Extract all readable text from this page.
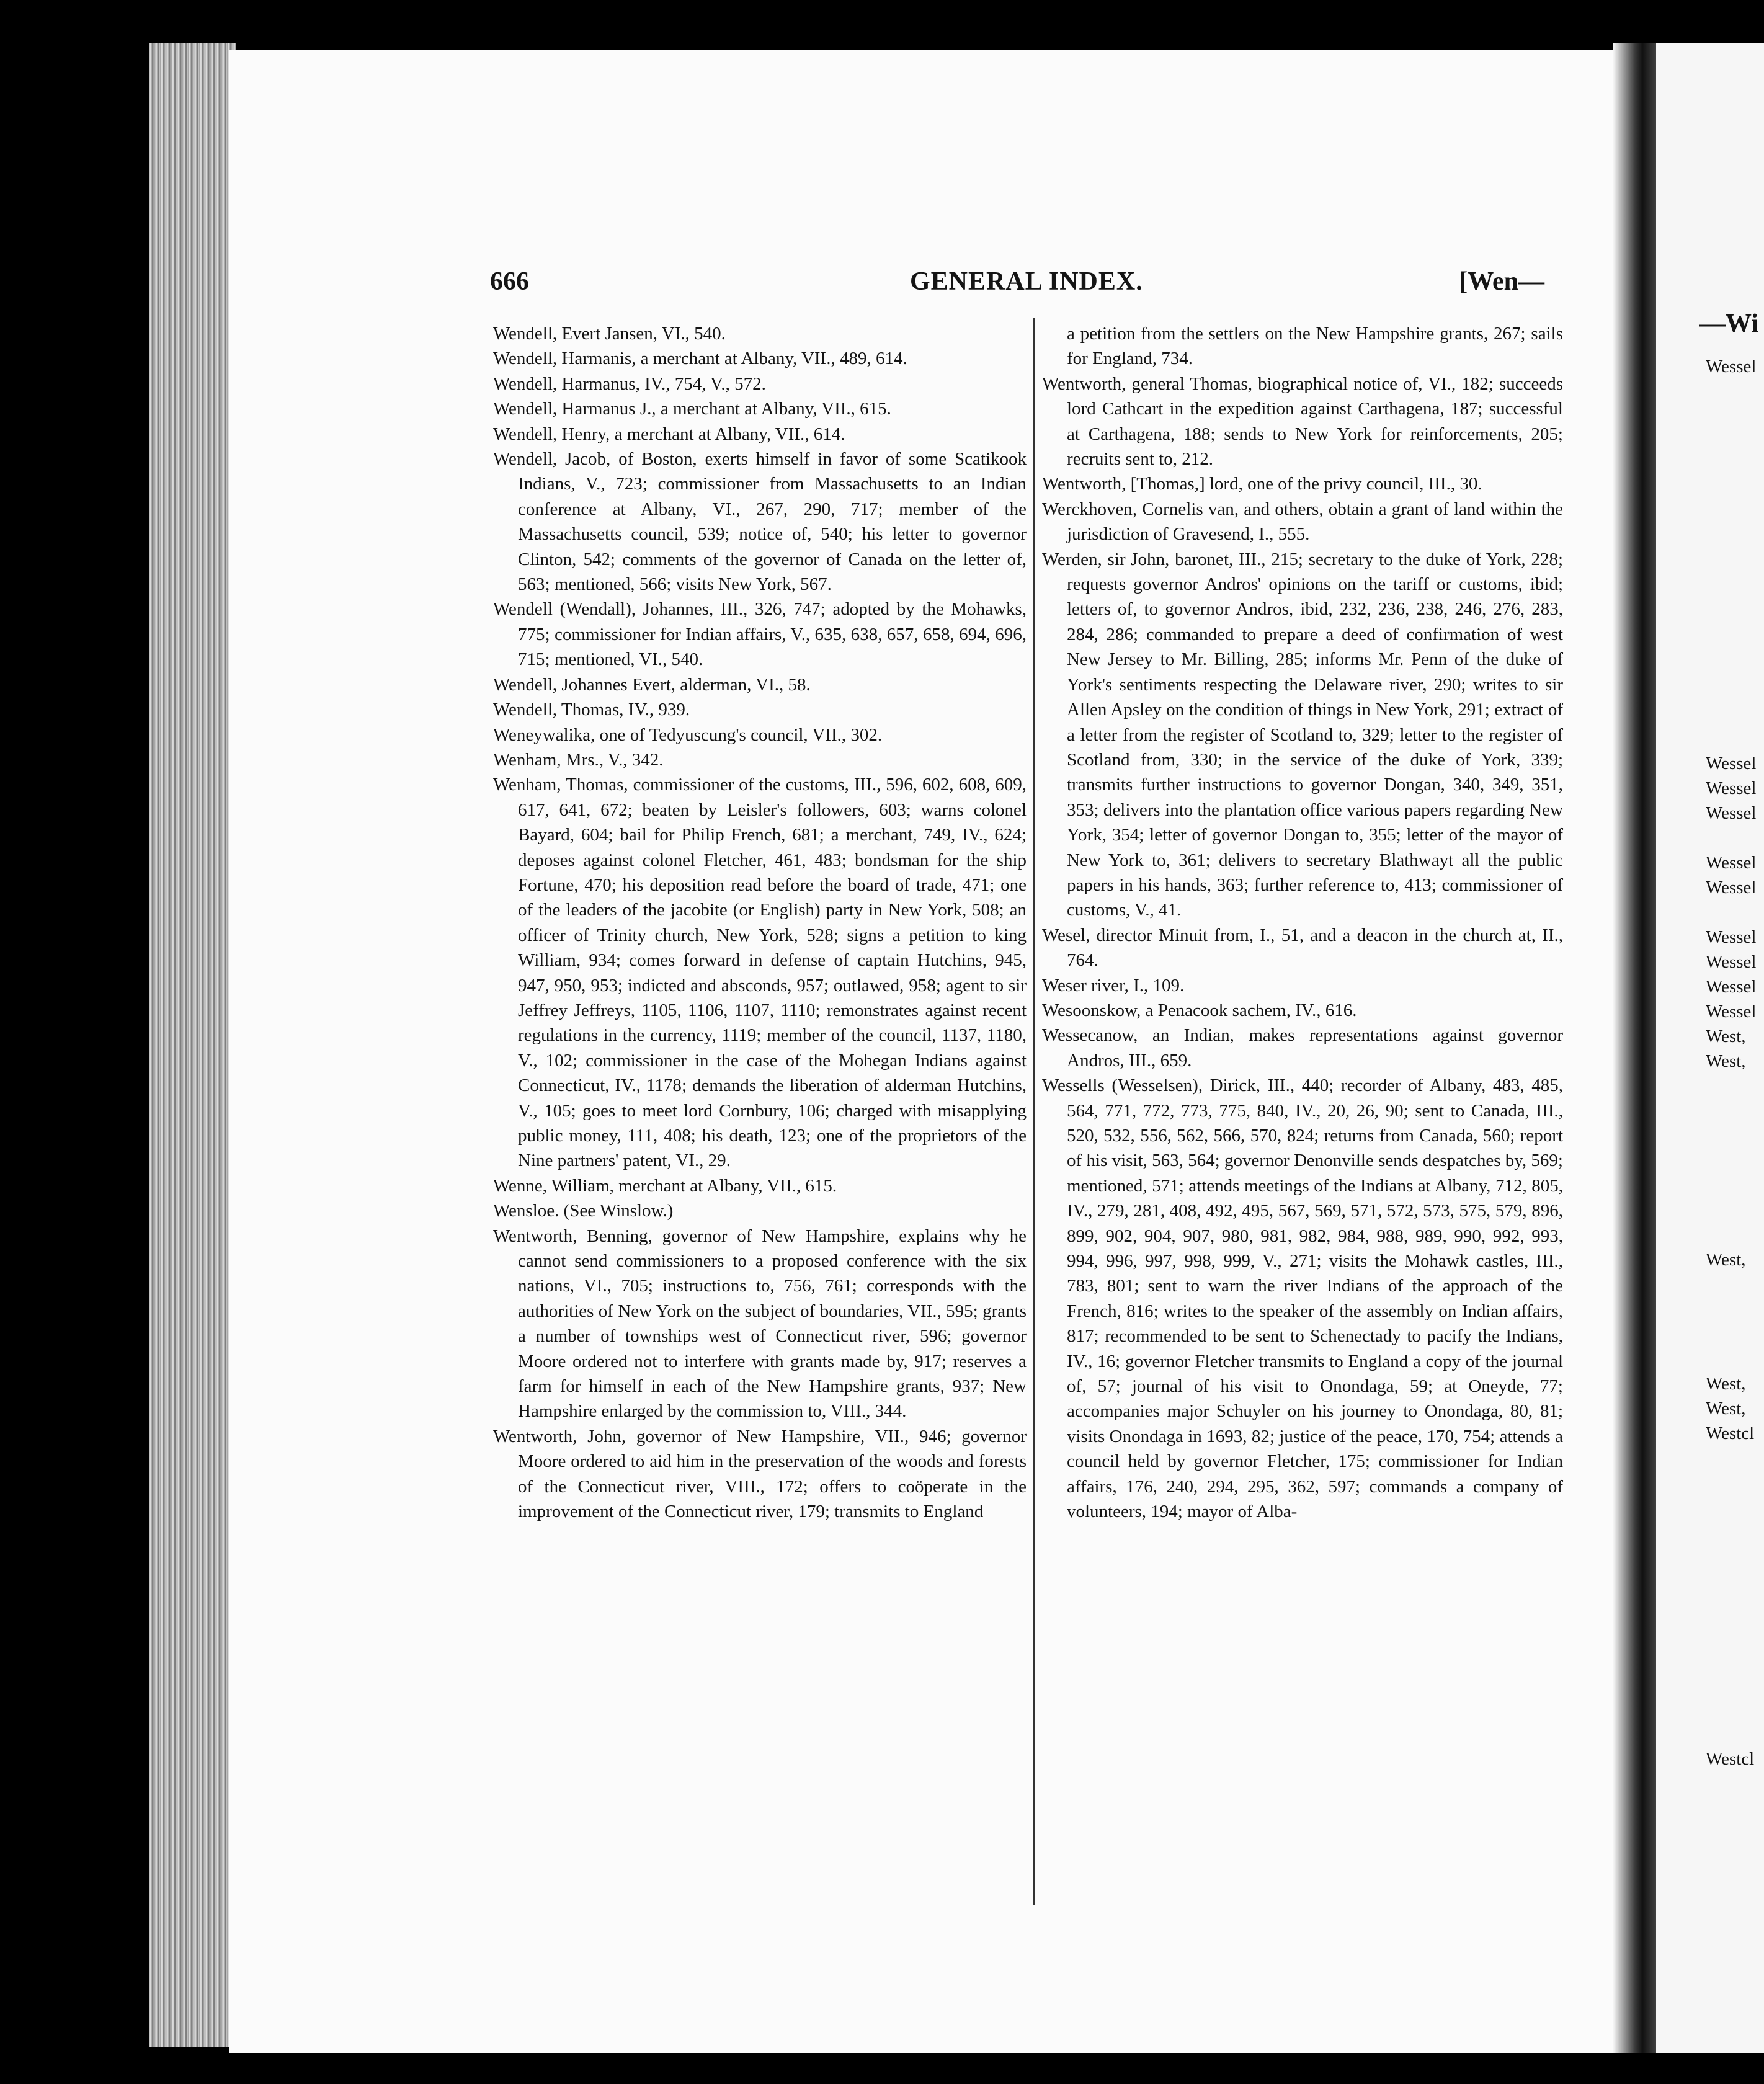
—Wi
Wessel
Wessel
Wessel
Wessel
Wessel
Wessel
Wessel
Wessel
Wessel
Wessel
West,
West,
West,
West,
West,
Westcl
Westcl
666	GENERAL INDEX.	[Wen—

Wendell, Evert Jansen, VI., 540.

Wendell, Harmanis, a merchant at Albany, VII., 489, 614.

Wendell, Harmanus, IV., 754, V., 572.

Wendell, Harmanus J., a merchant at Albany, VII., 615.

Wendell, Henry, a merchant at Albany, VII., 614.

Wendell, Jacob, of Boston, exerts himself in favor of some Scatikook Indians, V., 723; commissioner from Massachusetts to an Indian conference at Albany, VI., 267, 290, 717; member of the Massachusetts council, 539; notice of, 540; his letter to governor Clinton, 542; comments of the governor of Canada on the letter of, 563; mentioned, 566; visits New York, 567.

Wendell (Wendall), Johannes, III., 326, 747; adopted by the Mohawks, 775; commissioner for Indian affairs, V., 635, 638, 657, 658, 694, 696, 715; mentioned, VI., 540.

Wendell, Johannes Evert, alderman, VI., 58.

Wendell, Thomas, IV., 939.

Weneywalika, one of Tedyuscung's council, VII., 302.

Wenham, Mrs., V., 342.

Wenham, Thomas, commissioner of the customs, III., 596, 602, 608, 609, 617, 641, 672; beaten by Leisler's followers, 603; warns colonel Bayard, 604; bail for Philip French, 681; a merchant, 749, IV., 624; deposes against colonel Fletcher, 461, 483; bondsman for the ship Fortune, 470; his deposition read before the board of trade, 471; one of the leaders of the jacobite (or English) party in New York, 508; an officer of Trinity church, New York, 528; signs a petition to king William, 934; comes forward in defense of captain Hutchins, 945, 947, 950, 953; indicted and absconds, 957; outlawed, 958; agent to sir Jeffrey Jeffreys, 1105, 1106, 1107, 1110; remonstrates against recent regulations in the currency, 1119; member of the council, 1137, 1180, V., 102; commissioner in the case of the Mohegan Indians against Connecticut, IV., 1178; demands the liberation of alderman Hutchins, V., 105; goes to meet lord Cornbury, 106; charged with misapplying public money, 111, 408; his death, 123; one of the proprietors of the Nine partners' patent, VI., 29.

Wenne, William, merchant at Albany, VII., 615.

Wensloe. (See Winslow.)

Wentworth, Benning, governor of New Hampshire, explains why he cannot send commissioners to a proposed conference with the six nations, VI., 705; instructions to, 756, 761; corresponds with the authorities of New York on the subject of boundaries, VII., 595; grants a number of townships west of Connecticut river, 596; governor Moore ordered not to interfere with grants made by, 917; reserves a farm for himself in each of the New Hampshire grants, 937; New Hampshire enlarged by the commission to, VIII., 344.

Wentworth, John, governor of New Hampshire, VII., 946; governor Moore ordered to aid him in the preservation of the woods and forests of the Connecticut river, VIII., 172; offers to coöperate in the improvement of the Connecticut river, 179; transmits to England

a petition from the settlers on the New Hampshire grants, 267; sails for England, 734.

Wentworth, general Thomas, biographical notice of, VI., 182; succeeds lord Cathcart in the expedition against Carthagena, 187; successful at Carthagena, 188; sends to New York for reinforcements, 205; recruits sent to, 212.

Wentworth, [Thomas,] lord, one of the privy council, III., 30.

Werckhoven, Cornelis van, and others, obtain a grant of land within the jurisdiction of Gravesend, I., 555.

Werden, sir John, baronet, III., 215; secretary to the duke of York, 228; requests governor Andros' opinions on the tariff or customs, ibid; letters of, to governor Andros, ibid, 232, 236, 238, 246, 276, 283, 284, 286; commanded to prepare a deed of confirmation of west New Jersey to Mr. Billing, 285; informs Mr. Penn of the duke of York's sentiments respecting the Delaware river, 290; writes to sir Allen Apsley on the condition of things in New York, 291; extract of a letter from the register of Scotland to, 329; letter to the register of Scotland from, 330; in the service of the duke of York, 339; transmits further instructions to governor Dongan, 340, 349, 351, 353; delivers into the plantation office various papers regarding New York, 354; letter of governor Dongan to, 355; letter of the mayor of New York to, 361; delivers to secretary Blathwayt all the public papers in his hands, 363; further reference to, 413; commissioner of customs, V., 41.

Wesel, director Minuit from, I., 51, and a deacon in the church at, II., 764.

Weser river, I., 109.

Wesoonskow, a Penacook sachem, IV., 616.

Wessecanow, an Indian, makes representations against governor Andros, III., 659.

Wessells (Wesselsen), Dirick, III., 440; recorder of Albany, 483, 485, 564, 771, 772, 773, 775, 840, IV., 20, 26, 90; sent to Canada, III., 520, 532, 556, 562, 566, 570, 824; returns from Canada, 560; report of his visit, 563, 564; governor Denonville sends despatches by, 569; mentioned, 571; attends meetings of the Indians at Albany, 712, 805, IV., 279, 281, 408, 492, 495, 567, 569, 571, 572, 573, 575, 579, 896, 899, 902, 904, 907, 980, 981, 982, 984, 988, 989, 990, 992, 993, 994, 996, 997, 998, 999, V., 271; visits the Mohawk castles, III., 783, 801; sent to warn the river Indians of the approach of the French, 816; writes to the speaker of the assembly on Indian affairs, 817; recommended to be sent to Schenectady to pacify the Indians, IV., 16; governor Fletcher transmits to England a copy of the journal of, 57; journal of his visit to Onondaga, 59; at Oneyde, 77; accompanies major Schuyler on his journey to Onondaga, 80, 81; visits Onondaga in 1693, 82; justice of the peace, 170, 754; attends a council held by governor Fletcher, 175; commissioner for Indian affairs, 176, 240, 294, 295, 362, 597; commands a company of volunteers, 194; mayor of Alba-
